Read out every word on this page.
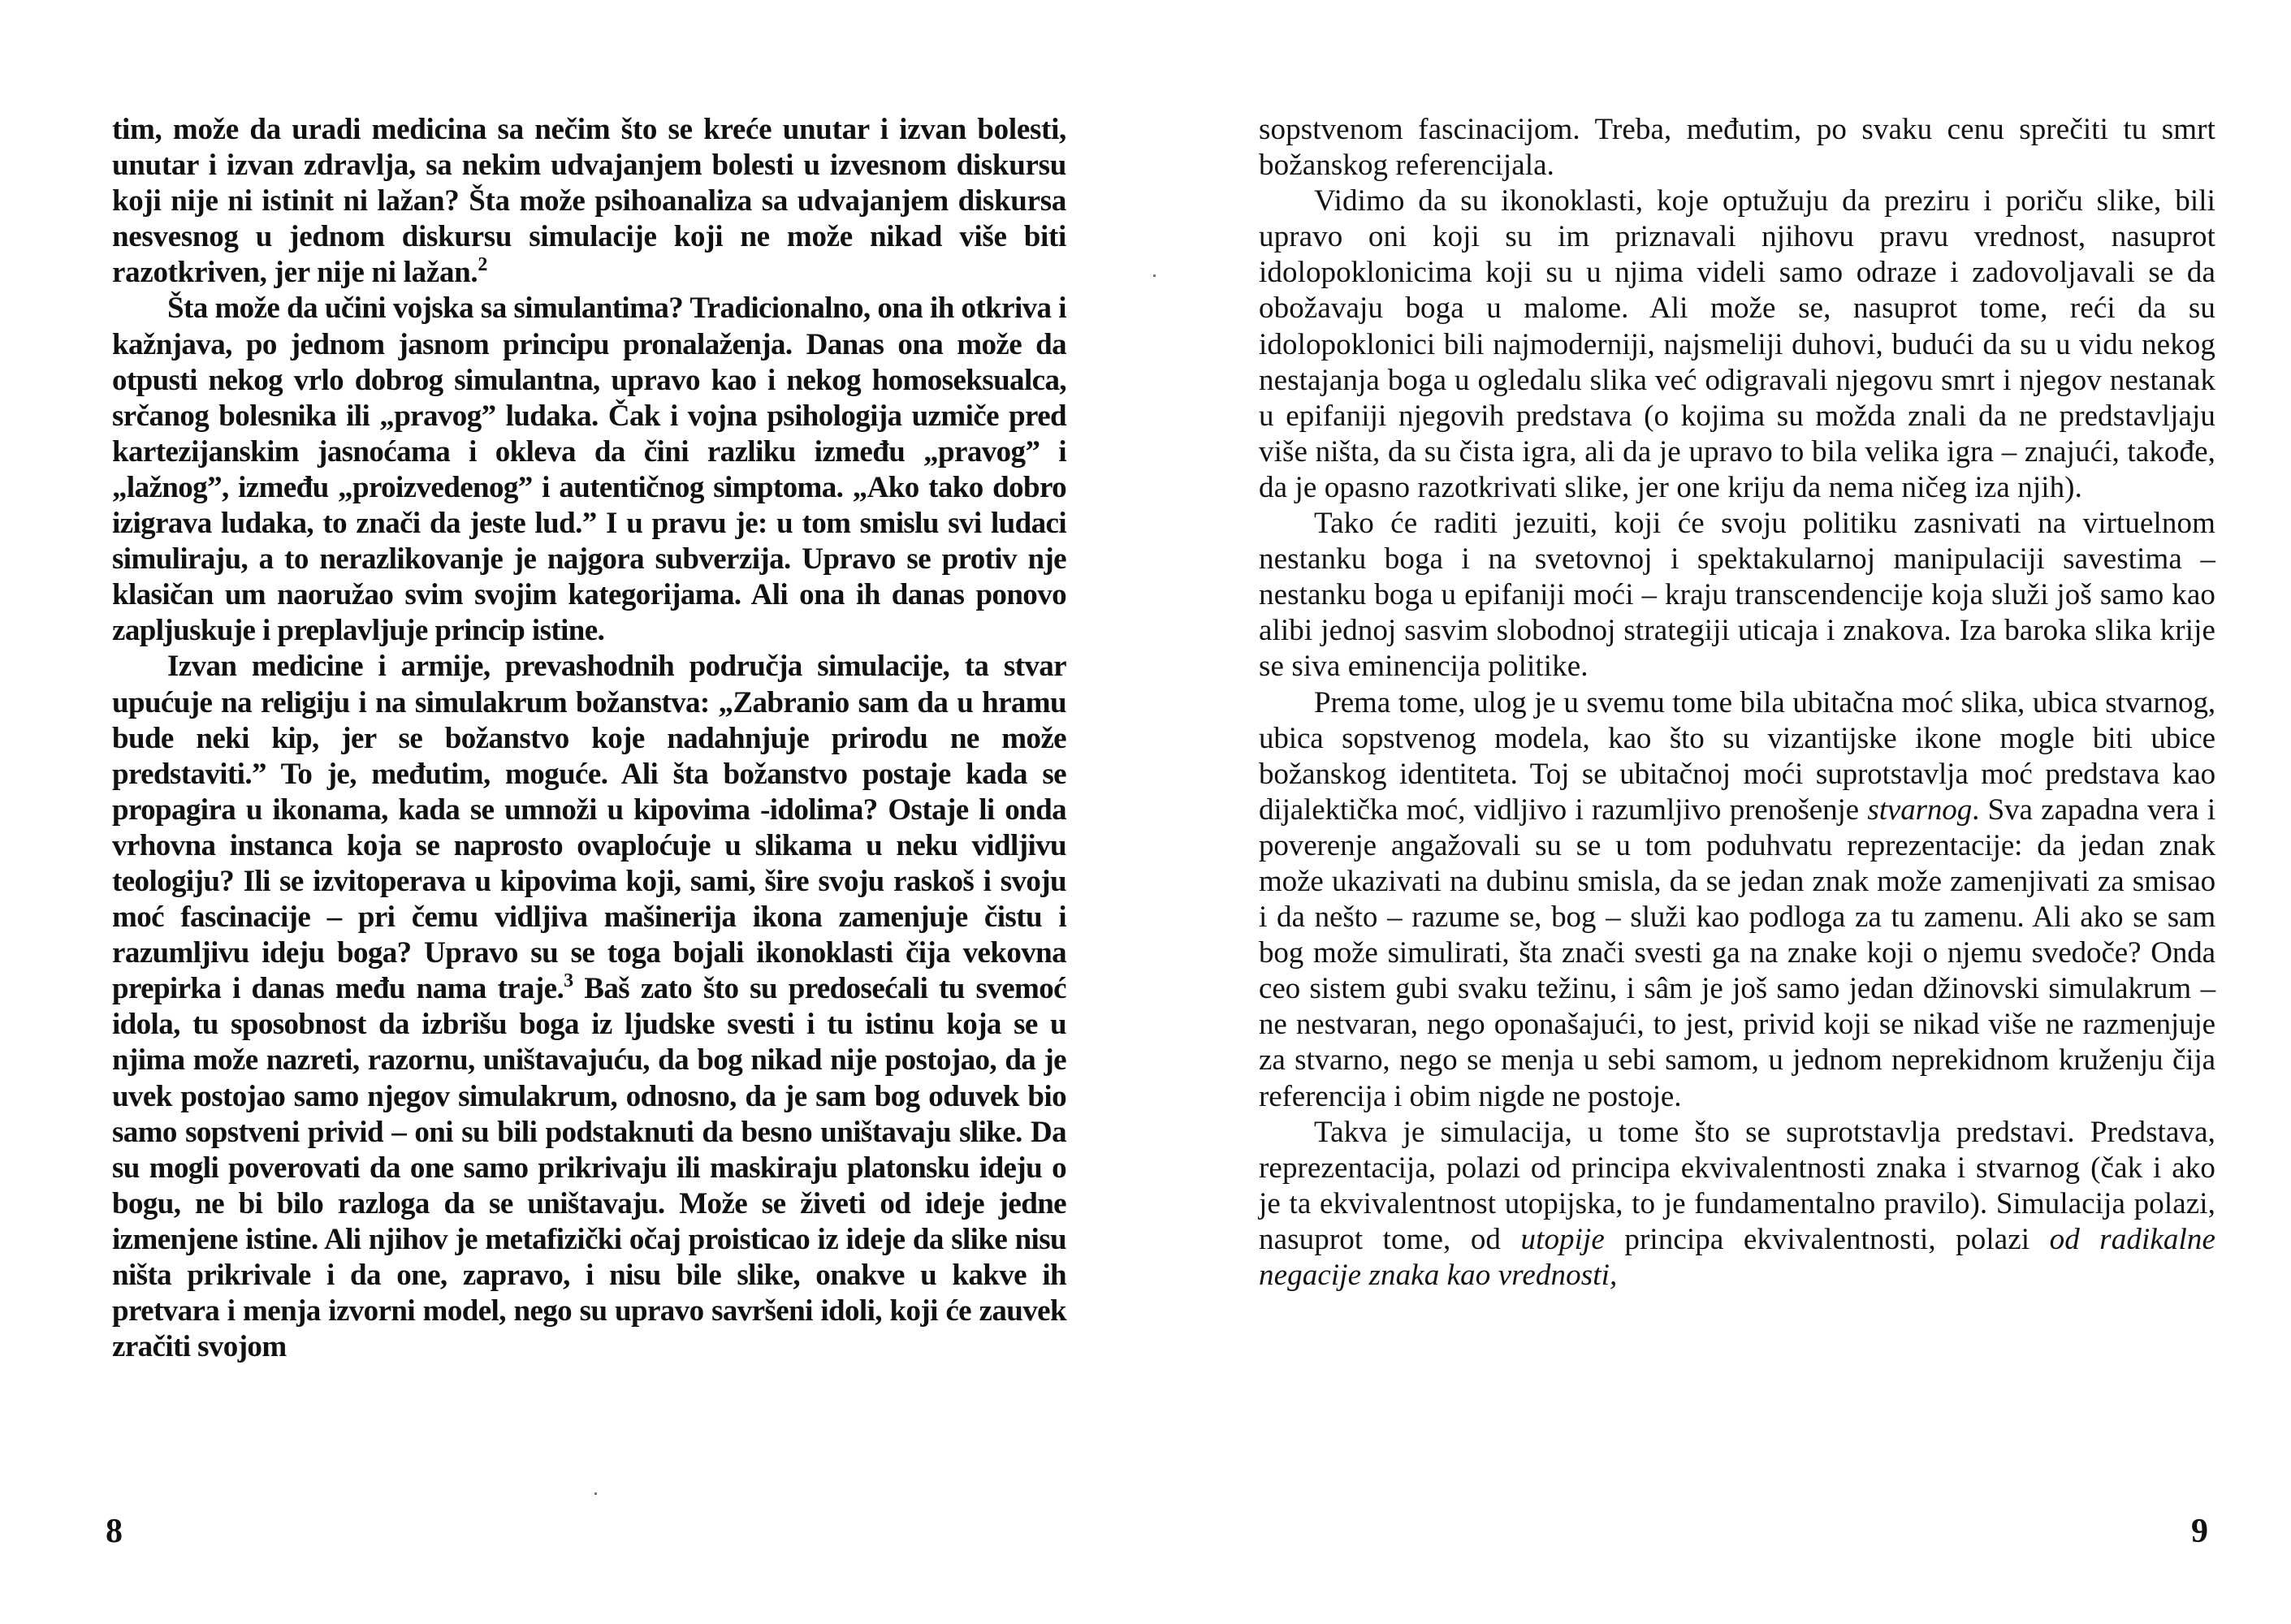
tim, može da uradi medicina sa nečim što se kreće unutar i izvan bolesti, unutar i izvan zdravlja, sa nekim udvajanjem bolesti u izvesnom diskursu koji nije ni istinit ni lažan? Šta može psihoanaliza sa udvajanjem diskursa nesvesnog u jednom diskursu simulacije koji ne može nikad više biti razotkriven, jer nije ni lažan.$^2$

Šta može da učini vojska sa simulantima? Tradicionalno, ona ih otkriva i kažnjava, po jednom jasnom principu pronalaženja. Danas ona može da otpusti nekog vrlo dobrog simulantna, upravo kao i nekog homoseksualca, srčanog bolesnika ili „pravog” ludaka. Čak i vojna psihologija uzmiče pred kartezijanskim jasnoćama i okleva da čini razliku između „pravog” i „lažnog”, između „proizvedenog” i autentičnog simptoma. „Ako tako dobro izigrava ludaka, to znači da jeste lud.” I u pravu je: u tom smislu svi ludaci simuliraju, a to nerazlikovanje je najgora subverzija. Upravo se protiv nje klasičan um naoružao svim svojim kategorijama. Ali ona ih danas ponovo zapljuskuje i preplavljuje princip istine.

Izvan medicine i armije, prevashodnih područja simulacije, ta stvar upućuje na religiju i na simulakrum božanstva: „Zabranio sam da u hramu bude neki kip, jer se božanstvo koje nadahnjuje prirodu ne može predstaviti.” To je, međutim, moguće. Ali šta božanstvo postaje kada se propagira u ikonama, kada se umnoži u kipovima -idolima? Ostaje li onda vrhovna instanca koja se naprosto ovaploćuje u slikama u neku vidljivu teologiju? Ili se izvitoperava u kipovima koji, sami, šire svoju raskoš i svoju moć fascinacije – pri čemu vidljiva mašinerija ikona zamenjuje čistu i razumljivu ideju boga? Upravo su se toga bojali ikonoklasti čija vekovna prepirka i danas među nama traje.$^3$ Baš zato što su predosećali tu svemoć idola, tu sposobnost da izbrišu boga iz ljudske svesti i tu istinu koja se u njima može nazreti, razornu, uništavajuću, da bog nikad nije postojao, da je uvek postojao samo njegov simulakrum, odnosno, da je sam bog oduvek bio samo sopstveni privid – oni su bili podstaknuti da besno uništavaju slike. Da su mogli poverovati da one samo prikrivaju ili maskiraju platonsku ideju o bogu, ne bi bilo razloga da se uništavaju. Može se živeti od ideje jedne izmenjene istine. Ali njihov je metafizički očaj proisticao iz ideje da slike nisu ništa prikrivale i da one, zapravo, i nisu bile slike, onakve u kakve ih pretvara i menja izvorni model, nego su upravo savršeni idoli, koji će zauvek zračiti svojom

sopstvenom fascinacijom. Treba, međutim, po svaku cenu sprečiti tu smrt božanskog referencijala.

Vidimo da su ikonoklasti, koje optužuju da preziru i poriču slike, bili upravo oni koji su im priznavali njihovu pravu vrednost, nasuprot idolopoklonicima koji su u njima videli samo odraze i zadovoljavali se da obožavaju boga u malome. Ali može se, nasuprot tome, reći da su idolopoklonici bili najmoderniji, najsmeliji duhovi, budući da su u vidu nekog nestajanja boga u ogledalu slika već odigravali njegovu smrt i njegov nestanak u epifaniji njegovih predstava (o kojima su možda znali da ne predstavljaju više ništa, da su čista igra, ali da je upravo to bila velika igra – znajući, takođe, da je opasno razotkrivati slike, jer one kriju da nema ničeg iza njih).

Tako će raditi jezuiti, koji će svoju politiku zasnivati na virtuelnom nestanku boga i na svetovnoj i spektakularnoj manipulaciji savestima – nestanku boga u epifaniji moći – kraju transcendencije koja služi još samo kao alibi jednoj sasvim slobodnoj strategiji uticaja i znakova. Iza baroka slika krije se siva eminencija politike.

Prema tome, ulog je u svemu tome bila ubitačna moć slika, ubica stvarnog, ubica sopstvenog modela, kao što su vizantijske ikone mogle biti ubice božanskog identiteta. Toj se ubitačnoj moći suprotstavlja moć predstava kao dijalektička moć, vidljivo i razumljivo prenošenje stvarnog. Sva zapadna vera i poverenje angažovali su se u tom poduhvatu reprezentacije: da jedan znak može ukazivati na dubinu smisla, da se jedan znak može zamenjivati za smisao i da nešto – razume se, bog – služi kao podloga za tu zamenu. Ali ako se sam bog može simulirati, šta znači svesti ga na znake koji o njemu svedoče? Onda ceo sistem gubi svaku težinu, i sâm je još samo jedan džinovski simulakrum – ne nestvaran, nego oponašajući, to jest, privid koji se nikad više ne razmenjuje za stvarno, nego se menja u sebi samom, u jednom neprekidnom kruženju čija referencija i obim nigde ne postoje.

Takva je simulacija, u tome što se suprotstavlja predstavi. Predstava, reprezentacija, polazi od principa ekvivalentnosti znaka i stvarnog (čak i ako je ta ekvivalentnost utopijska, to je fundamentalno pravilo). Simulacija polazi, nasuprot tome, od utopije principa ekvivalentnosti, polazi od radikalne negacije znaka kao vrednosti,

8	9
